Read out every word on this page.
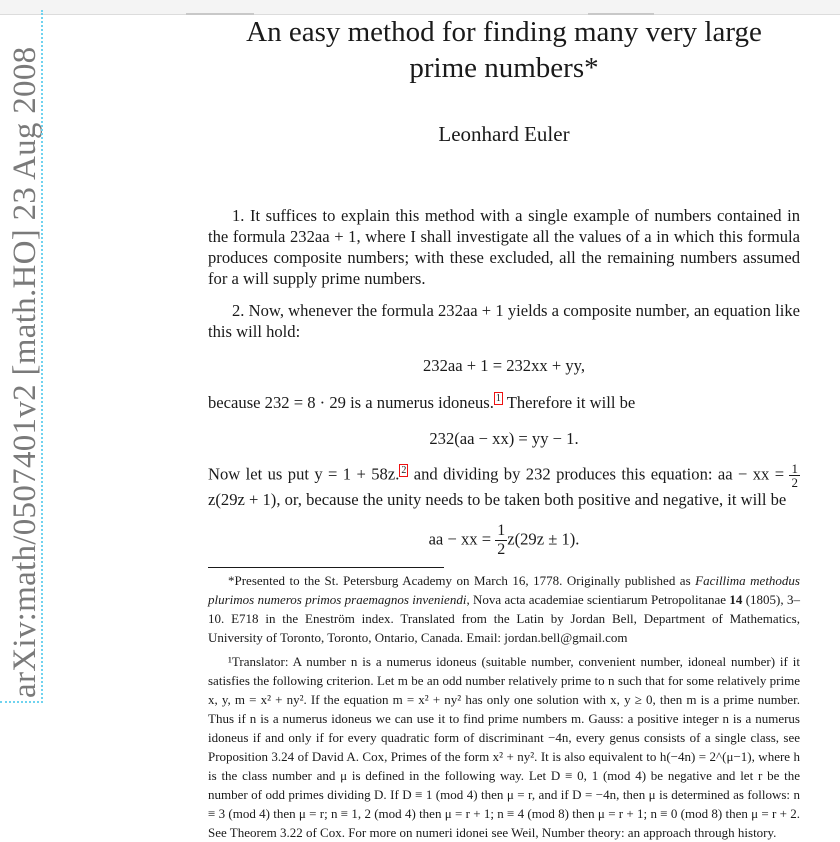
arXiv:math/0507401v2 [math.HO] 23 Aug 2008
An easy method for finding many very large
prime numbers*
Leonhard Euler
1. It suffices to explain this method with a single example of numbers contained in the formula 232aa + 1, where I shall investigate all the values of a in which this formula produces composite numbers; with these excluded, all the remaining numbers assumed for a will supply prime numbers.
2. Now, whenever the formula 232aa + 1 yields a composite number, an equation like this will hold:
232aa + 1 = 232xx + yy,
because 232 = 8 · 29 is a numerus idoneus. 1 Therefore it will be
232(aa − xx) = yy − 1.
Now let us put y = 1 + 58z. 2 and dividing by 232 produces this equation: aa − xx = $\frac{1}{2}$
z(29z + 1), or, because the unity needs to be taken both positive and negative, it will be
aa − xx = $\frac{1}{2} z(29z \pm 1)$.

*Presented to the St. Petersburg Academy on March 16, 1778. Originally published as Facillima methodus plurimos numeros primos praemagnos inveniendi, Nova acta academiae scientiarum Petropolitanae 14 (1805), 3–10. E718 in the Eneström index. Translated from the Latin by Jordan Bell, Department of Mathematics, University of Toronto, Toronto, Ontario, Canada. Email: jordan.bell@gmail.com

¹Translator: A number n is a numerus idoneus (suitable number, convenient number, idoneal number) if it satisfies the following criterion. Let m be an odd number relatively prime to n such that for some relatively prime x, y, m = x² + ny². If the equation m = x² + ny² has only one solution with x, y ≥ 0, then m is a prime number. Thus if n is a numerus idoneus we can use it to find prime numbers m. Gauss: a positive integer n is a numerus idoneus if and only if for every quadratic form of discriminant −4n, every genus consists of a single class, see Proposition 3.24 of David A. Cox, Primes of the form x² + ny². It is also equivalent to h(−4n) = 2^(μ−1), where h is the class number and μ is defined in the following way. Let D ≡ 0, 1 (mod 4) be negative and let r be the number of odd primes dividing D. If D ≡ 1 (mod 4) then μ = r, and if D = −4n, then μ is determined as follows: n ≡ 3 (mod 4) then μ = r; n ≡ 1, 2 (mod 4) then μ = r + 1; n ≡ 4 (mod 8) then μ = r + 1; n ≡ 0 (mod 8) then μ = r + 2. See Theorem 3.22 of Cox. For more on numeri idonei see Weil, Number theory: an approach through history.
